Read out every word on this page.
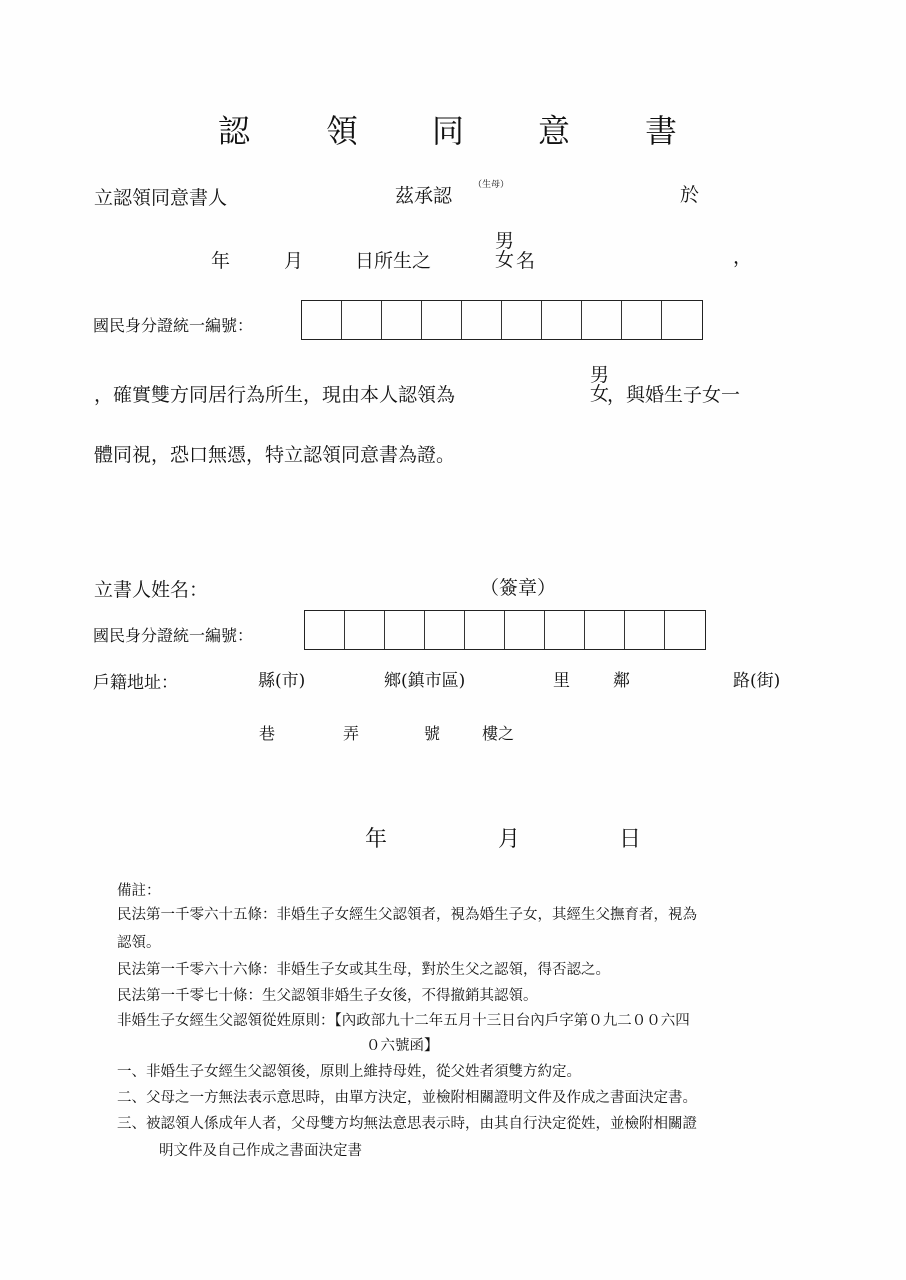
認 領 同 意 書
立認領同意書人	茲承認 （生母）	於
年	月	日所生之
男
女 名	，
國民身分證統一編號：
，確實雙方同居行為所生，現由本人認領為
男
女
，與婚生子女一
體同視，恐口無憑，特立認領同意書為證。
立書人姓名：	（簽章）
國民身分證統一編號：
戶籍地址：	縣(市)	鄉(鎮市區)	里	鄰	路(街)
巷	弄	號	樓之
年	月	日
備註：
民法第一千零六十五條：非婚生子女經生父認領者，視為婚生子女，其經生父撫育者，視為
認領。
民法第一千零六十六條：非婚生子女或其生母，對於生父之認領，得否認之。
民法第一千零七十條：生父認領非婚生子女後，不得撤銷其認領。
非婚生子女經生父認領從姓原則：【內政部九十二年五月十三日台內戶字第０九二００六四
０六號函】
一、非婚生子女經生父認領後，原則上維持母姓，從父姓者須雙方約定。
二、父母之一方無法表示意思時，由單方決定，並檢附相關證明文件及作成之書面決定書。
三、被認領人係成年人者，父母雙方均無法意思表示時，由其自行決定從姓，並檢附相關證
明文件及自己作成之書面決定書
